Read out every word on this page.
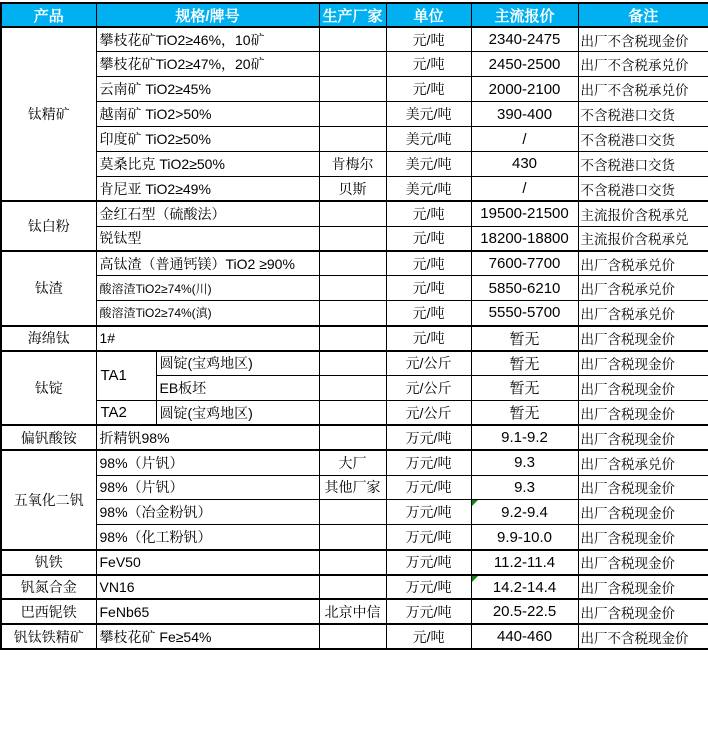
产品	规格/牌号		生产厂家	单位	主流报价	备注
钛精矿	攀枝花矿TiO2≥46%，10矿			元/吨	2340-2475	出厂不含税现金价
	攀枝花矿TiO2≥47%，20矿			元/吨	2450-2500	出厂不含税承兑价
	云南矿 TiO2≥45%			元/吨	2000-2100	出厂不含税承兑价
	越南矿 TiO2>50%			美元/吨	390-400	不含税港口交货
	印度矿 TiO2≥50%			美元/吨	/	不含税港口交货
	莫桑比克 TiO2≥50%		肯梅尔	美元/吨	430	不含税港口交货
	肯尼亚 TiO2≥49%		贝斯	美元/吨	/	不含税港口交货
钛白粉	金红石型（硫酸法）			元/吨	19500-21500	主流报价含税承兑
	锐钛型			元/吨	18200-18800	主流报价含税承兑
钛渣	高钛渣（普通钙镁）TiO2 ≥90%			元/吨	7600-7700	出厂含税承兑价
	酸溶渣TiO2≥74%(川)			元/吨	5850-6210	出厂含税承兑价
	酸溶渣TiO2≥74%(滇)			元/吨	5550-5700	出厂含税承兑价
海绵钛	1#			元/吨	暂无	出厂含税现金价
钛锭	TA1	圆锭(宝鸡地区)		元/公斤	暂无	出厂含税现金价
		EB板坯		元/公斤	暂无	出厂含税现金价
	TA2	圆锭(宝鸡地区)		元/公斤	暂无	出厂含税现金价
偏钒酸铵	折精钒98%			万元/吨	9.1-9.2	出厂含税现金价
五氧化二钒	98%（片钒）		大厂	万元/吨	9.3	出厂含税承兑价
	98%（片钒）		其他厂家	万元/吨	9.3	出厂含税现金价
	98%（冶金粉钒）			万元/吨	9.2-9.4	出厂含税现金价
	98%（化工粉钒）			万元/吨	9.9-10.0	出厂含税现金价
钒铁	FeV50			万元/吨	11.2-11.4	出厂含税现金价
钒氮合金	VN16			万元/吨	14.2-14.4	出厂含税现金价
巴西铌铁	FeNb65		北京中信	万元/吨	20.5-22.5	出厂含税现金价
钒钛铁精矿	攀枝花矿 Fe≥54%			元/吨	440-460	出厂不含税现金价
